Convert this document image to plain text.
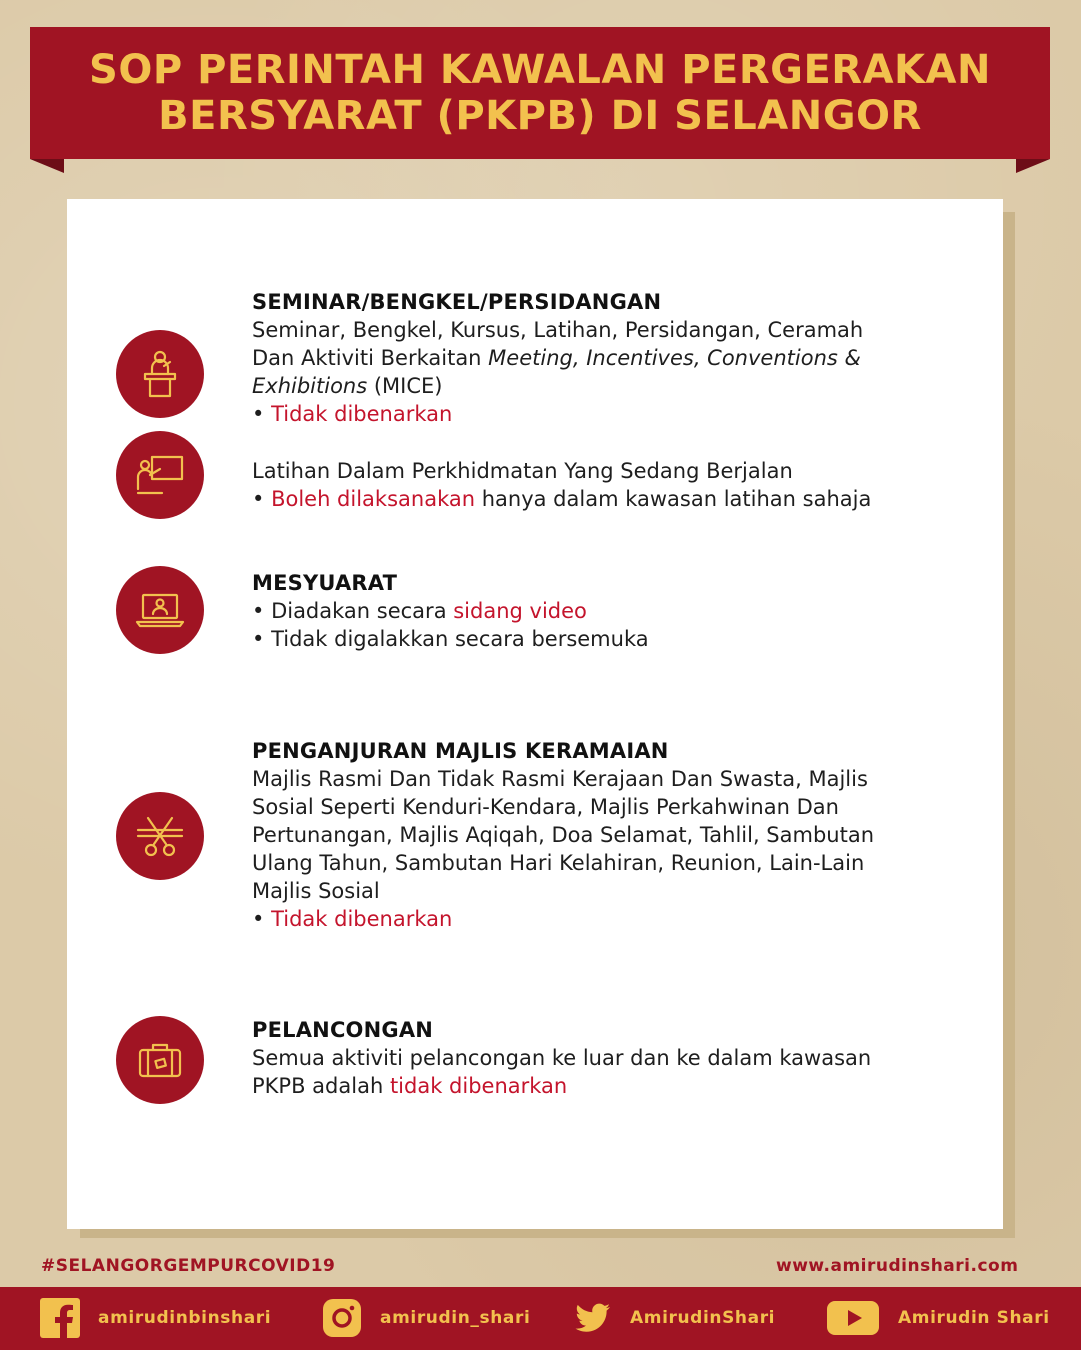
SOP PERINTAH KAWALAN PERGERAKAN
BERSYARAT (PKPB) DI SELANGOR
SEMINAR/BENGKEL/PERSIDANGAN
Seminar, Bengkel, Kursus, Latihan, Persidangan, Ceramah
Dan Aktiviti Berkaitan Meeting, Incentives, Conventions &
Exhibitions (MICE)
• Tidak dibenarkan
Latihan Dalam Perkhidmatan Yang Sedang Berjalan
• Boleh dilaksanakan hanya dalam kawasan latihan sahaja
MESYUARAT
• Diadakan secara sidang video
• Tidak digalakkan secara bersemuka
PENGANJURAN MAJLIS KERAMAIAN
Majlis Rasmi Dan Tidak Rasmi Kerajaan Dan Swasta, Majlis
Sosial Seperti Kenduri-Kendara, Majlis Perkahwinan Dan
Pertunangan, Majlis Aqiqah, Doa Selamat, Tahlil, Sambutan
Ulang Tahun, Sambutan Hari Kelahiran, Reunion, Lain-Lain
Majlis Sosial
• Tidak dibenarkan
PELANCONGAN
Semua aktiviti pelancongan ke luar dan ke dalam kawasan
PKPB adalah tidak dibenarkan
#SELANGORGEMPURCOVID19	www.amirudinshari.com
amirudinbinshari	amirudin_shari	AmirudinShari	Amirudin Shari
